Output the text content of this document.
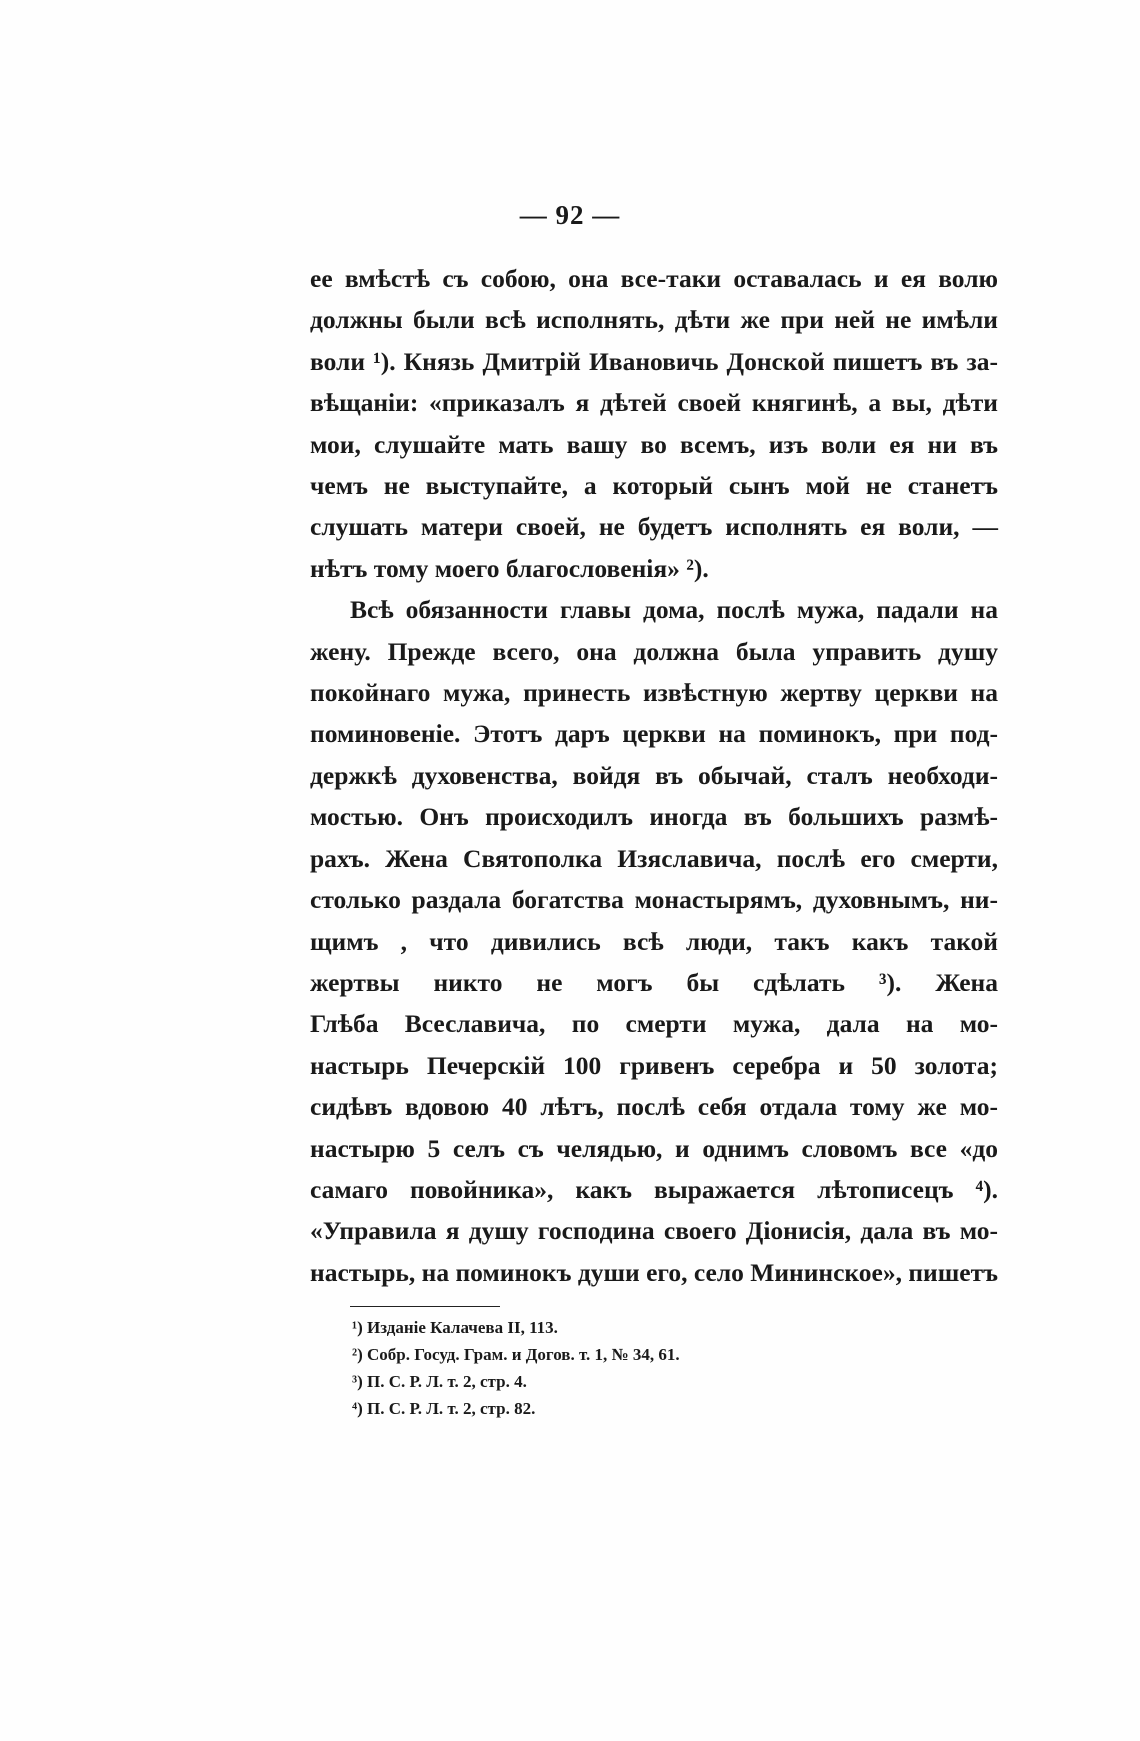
— 92 —
ее вмѣстѣ съ собою, она все-таки оставалась и ея волю
должны были всѣ исполнять, дѣти же при ней не имѣли
воли ¹). Князь Дмитрій Ивановичь Донской пишетъ въ за-
вѣщаніи: «приказалъ я дѣтей своей княгинѣ, а вы, дѣти
мои, слушайте мать вашу во всемъ, изъ воли ея ни въ
чемъ не выступайте, а который сынъ мой не станетъ
слушать матери своей, не будетъ исполнять ея воли, —
нѣтъ тому моего благословенія» ²).
Всѣ обязанности главы дома, послѣ мужа, падали на
жену. Прежде всего, она должна была управить душу
покойнаго мужа, принесть извѣстную жертву церкви на
поминовеніе. Этотъ даръ церкви на поминокъ, при под-
держкѣ духовенства, войдя въ обычай, сталъ необходи-
мостью. Онъ происходилъ иногда въ большихъ размѣ-
рахъ. Жена Святополка Изяславича, послѣ его смерти,
столько раздала богатства монастырямъ, духовнымъ, ни-
щимъ , что дивились всѣ люди, такъ какъ такой
жертвы никто не могъ бы сдѣлать ³). Жена
Глѣба Всеславича, по смерти мужа, дала на мо-
настырь Печерскій 100 гривенъ серебра и 50 золота;
сидѣвъ вдовою 40 лѣтъ, послѣ себя отдала тому же мо-
настырю 5 селъ съ челядью, и однимъ словомъ все «до
самаго повойника», какъ выражается лѣтописецъ ⁴).
«Управила я душу господина своего Діонисія, дала въ мо-
настырь, на поминокъ души его, село Мининское», пишетъ
¹) Изданіе Калачева II, 113.
²) Собр. Госуд. Грам. и Догов. т. 1, № 34, 61.
³) П. С. Р. Л. т. 2, стр. 4.
⁴) П. С. Р. Л. т. 2, стр. 82.
